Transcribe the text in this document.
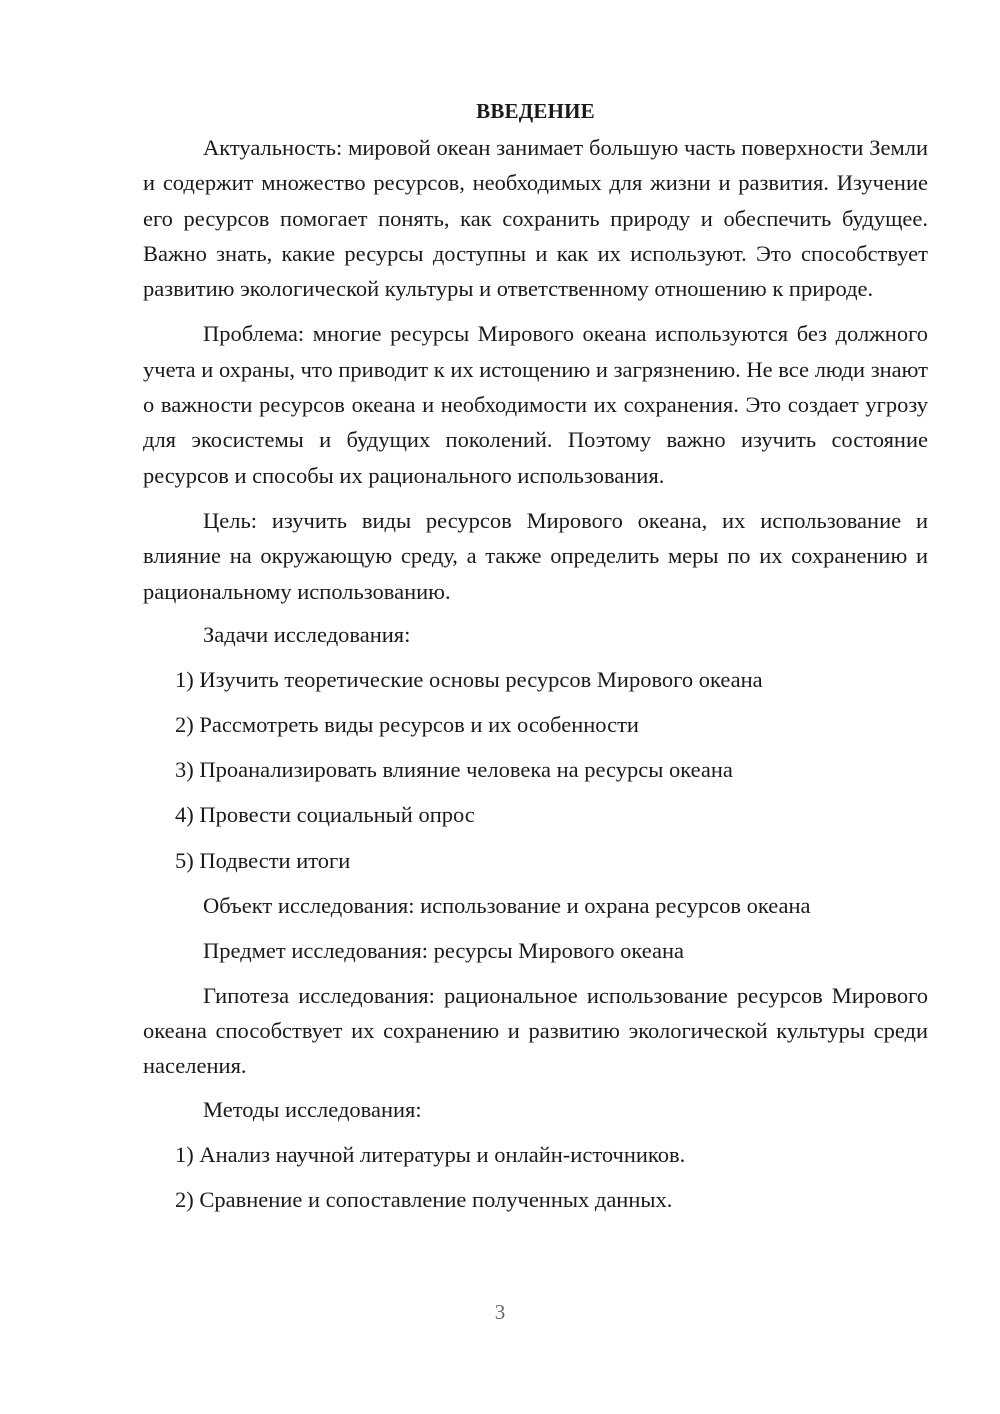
ВВЕДЕНИЕ

Актуальность: мировой океан занимает большую часть поверхности Земли и содержит множество ресурсов, необходимых для жизни и развития. Изучение его ресурсов помогает понять, как сохранить природу и обеспечить будущее. Важно знать, какие ресурсы доступны и как их используют. Это способствует развитию экологической культуры и ответственному отношению к природе.

Проблема: многие ресурсы Мирового океана используются без должного учета и охраны, что приводит к их истощению и загрязнению. Не все люди знают о важности ресурсов океана и необходимости их сохранения. Это создает угрозу для экосистемы и будущих поколений. Поэтому важно изучить состояние ресурсов и способы их рационального использования.

Цель: изучить виды ресурсов Мирового океана, их использование и влияние на окружающую среду, а также определить меры по их сохранению и рациональному использованию.

Задачи исследования:

1) Изучить теоретические основы ресурсов Мирового океана

2) Рассмотреть виды ресурсов и их особенности

3) Проанализировать влияние человека на ресурсы океана

4) Провести социальный опрос

5) Подвести итоги

Объект исследования: использование и охрана ресурсов океана

Предмет исследования: ресурсы Мирового океана

Гипотеза исследования: рациональное использование ресурсов Мирового океана способствует их сохранению и развитию экологической культуры среди населения.

Методы исследования:

1) Анализ научной литературы и онлайн-источников.

2) Сравнение и сопоставление полученных данных.

3
